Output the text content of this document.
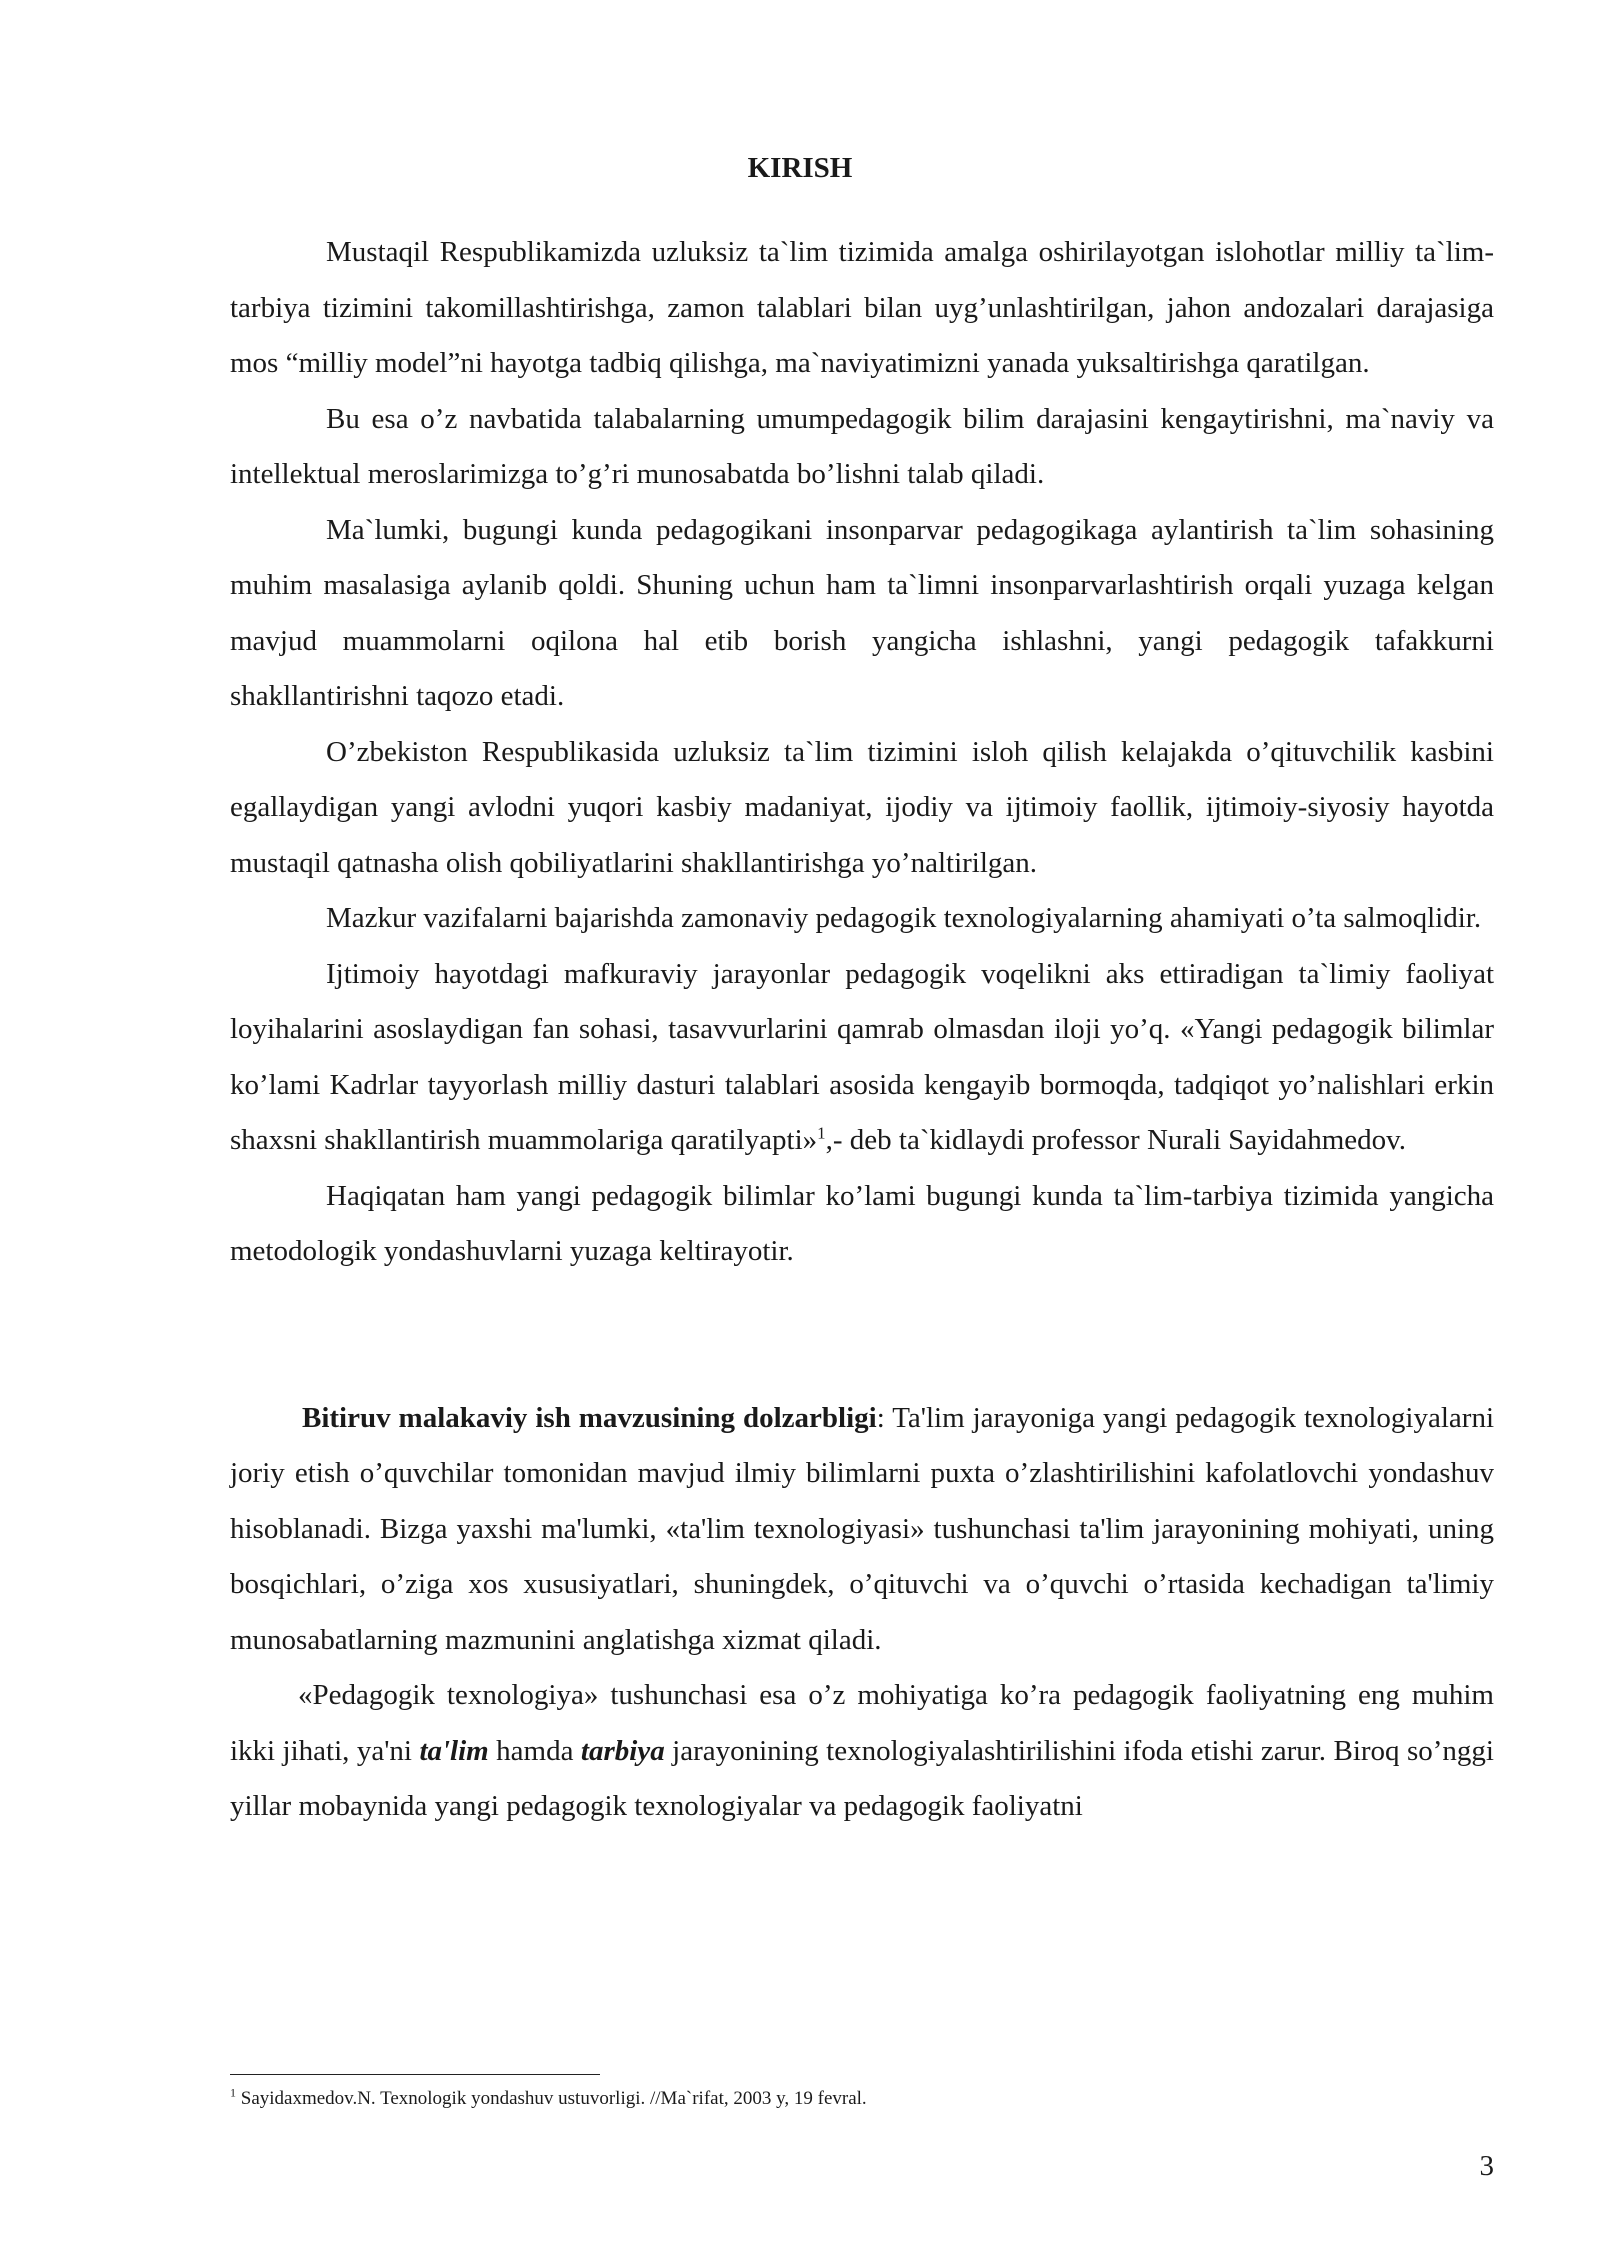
KIRISH

Mustaqil Respublikamizda uzluksiz ta`lim tizimida amalga oshirilayotgan islohotlar milliy ta`lim-tarbiya tizimini takomillashtirishga, zamon talablari bilan uyg’unlashtirilgan, jahon andozalari darajasiga mos “milliy model”ni hayotga tadbiq qilishga, ma`naviyatimizni yanada yuksaltirishga qaratilgan.

Bu esa o’z navbatida talabalarning umumpedagogik bilim darajasini kengaytirishni, ma`naviy va intellektual meroslarimizga to’g’ri munosabatda bo’lishni talab qiladi.

Ma`lumki, bugungi kunda pedagogikani insonparvar pedagogikaga aylantirish ta`lim sohasining muhim masalasiga aylanib qoldi. Shuning uchun ham ta`limni insonparvarlashtirish orqali yuzaga kelgan mavjud muammolarni oqilona hal etib borish yangicha ishlashni, yangi pedagogik tafakkurni shakllantirishni taqozo etadi.

O’zbekiston Respublikasida uzluksiz ta`lim tizimini isloh qilish kelajakda o’qituvchilik kasbini egallaydigan yangi avlodni yuqori kasbiy madaniyat, ijodiy va ijtimoiy faollik, ijtimoiy-siyosiy hayotda mustaqil qatnasha olish qobiliyatlarini shakllantirishga yo’naltirilgan.

Mazkur vazifalarni bajarishda zamonaviy pedagogik texnologiyalarning ahamiyati o’ta salmoqlidir.

Ijtimoiy hayotdagi mafkuraviy jarayonlar pedagogik voqelikni aks ettiradigan ta`limiy faoliyat loyihalarini asoslaydigan fan sohasi, tasavvurlarini qamrab olmasdan iloji yo’q. «Yangi pedagogik bilimlar ko’lami Kadrlar tayyorlash milliy dasturi talablari asosida kengayib bormoqda, tadqiqot yo’nalishlari erkin shaxsni shakllantirish muammolariga qaratilyapti»$^1$,- deb ta`kidlaydi professor Nurali Sayidahmedov.

Haqiqatan ham yangi pedagogik bilimlar ko’lami bugungi kunda ta`lim-tarbiya tizimida yangicha metodologik yondashuvlarni yuzaga keltirayotir.

Bitiruv malakaviy ish mavzusining dolzarbligi: Ta'lim jarayoniga yangi pedagogik texnologiyalarni joriy etish o’quvchilar tomonidan mavjud ilmiy bilimlarni puxta o’zlashtirilishini kafolatlovchi yondashuv hisoblanadi. Bizga yaxshi ma'lumki, «ta'lim texnologiyasi» tushunchasi ta'lim jarayonining mohiyati, uning bosqichlari, o’ziga xos xususiyatlari, shuningdek, o’qituvchi va o’quvchi o’rtasida kechadigan ta'limiy munosabatlarning mazmunini anglatishga xizmat qiladi.

«Pedagogik texnologiya» tushunchasi esa o’z mohiyatiga ko’ra pedagogik faoliyatning eng muhim ikki jihati, ya'ni ta'lim hamda tarbiya jarayonining texnologiyalashtirilishini ifoda etishi zarur. Biroq so’nggi yillar mobaynida yangi pedagogik texnologiyalar va pedagogik faoliyatni

$^1$ Sayidaxmedov.N. Texnologik yondashuv ustuvorligi. //Ma`rifat, 2003 y, 19 fevral.

3
